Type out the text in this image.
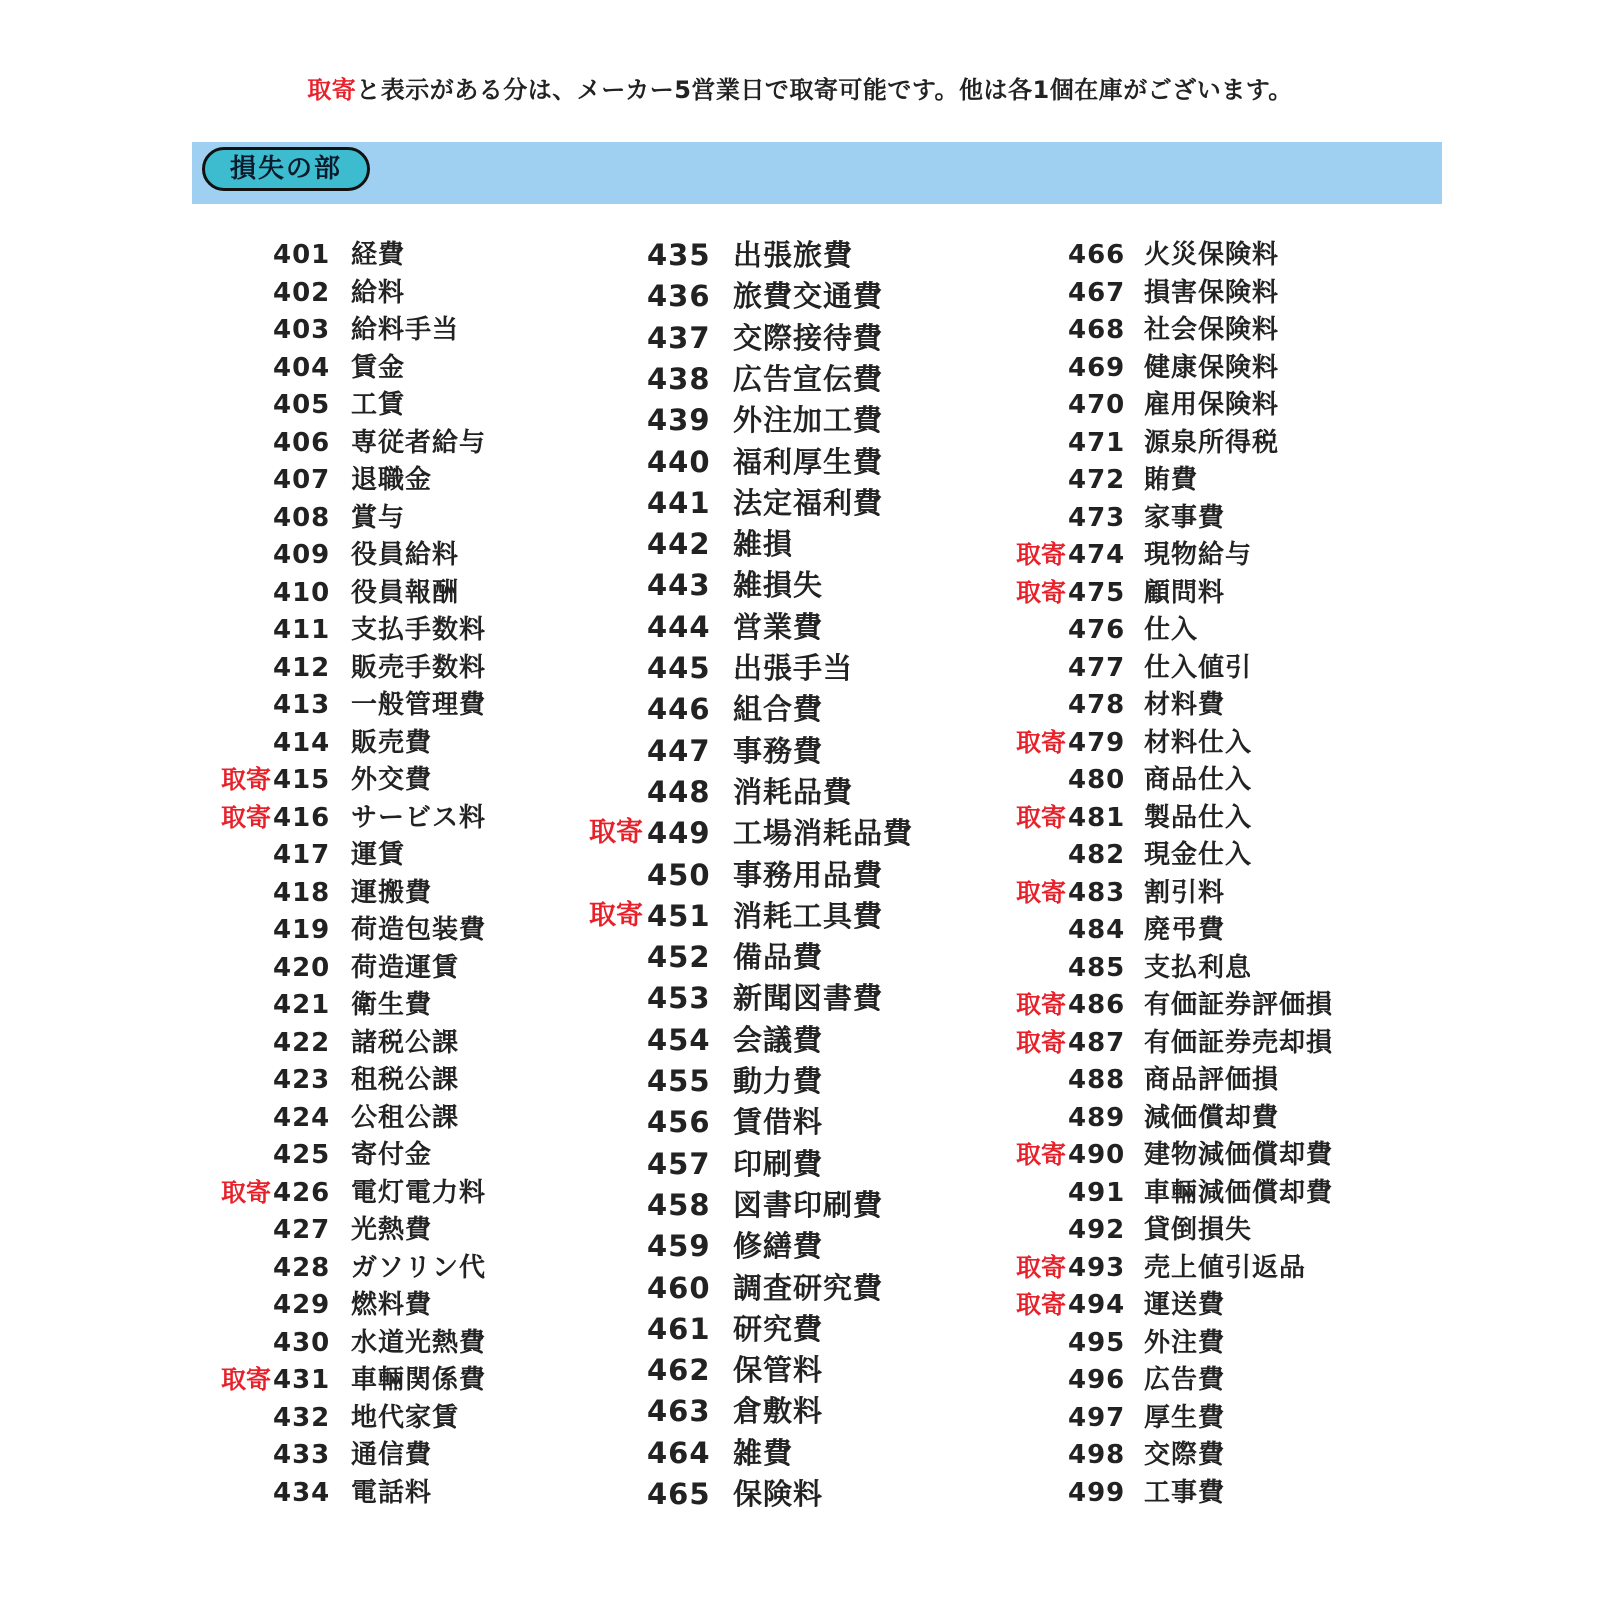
取寄と表示がある分は、メーカー5営業日で取寄可能です。他は各1個在庫がございます。
損失の部
401 経費
402 給料
403 給料手当
404 賃金
405 工賃
406 専従者給与
407 退職金
408 賞与
409 役員給料
410 役員報酬
411 支払手数料
412 販売手数料
413 一般管理費
414 販売費
取寄 415 外交費
取寄 416 サービス料
417 運賃
418 運搬費
419 荷造包装費
420 荷造運賃
421 衛生費
422 諸税公課
423 租税公課
424 公租公課
425 寄付金
取寄 426 電灯電力料
427 光熱費
428 ガソリン代
429 燃料費
430 水道光熱費
取寄 431 車輛関係費
432 地代家賃
433 通信費
434 電話料
435 出張旅費
436 旅費交通費
437 交際接待費
438 広告宣伝費
439 外注加工費
440 福利厚生費
441 法定福利費
442 雑損
443 雑損失
444 営業費
445 出張手当
446 組合費
447 事務費
448 消耗品費
取寄 449 工場消耗品費
450 事務用品費
取寄 451 消耗工具費
452 備品費
453 新聞図書費
454 会議費
455 動力費
456 賃借料
457 印刷費
458 図書印刷費
459 修繕費
460 調査研究費
461 研究費
462 保管料
463 倉敷料
464 雑費
465 保険料
466 火災保険料
467 損害保険料
468 社会保険料
469 健康保険料
470 雇用保険料
471 源泉所得税
472 賄費
473 家事費
取寄 474 現物給与
取寄 475 顧問料
476 仕入
477 仕入値引
478 材料費
取寄 479 材料仕入
480 商品仕入
取寄 481 製品仕入
482 現金仕入
取寄 483 割引料
484 廃弔費
485 支払利息
取寄 486 有価証券評価損
取寄 487 有価証券売却損
488 商品評価損
489 減価償却費
取寄 490 建物減価償却費
491 車輛減価償却費
492 貸倒損失
取寄 493 売上値引返品
取寄 494 運送費
495 外注費
496 広告費
497 厚生費
498 交際費
499 工事費
